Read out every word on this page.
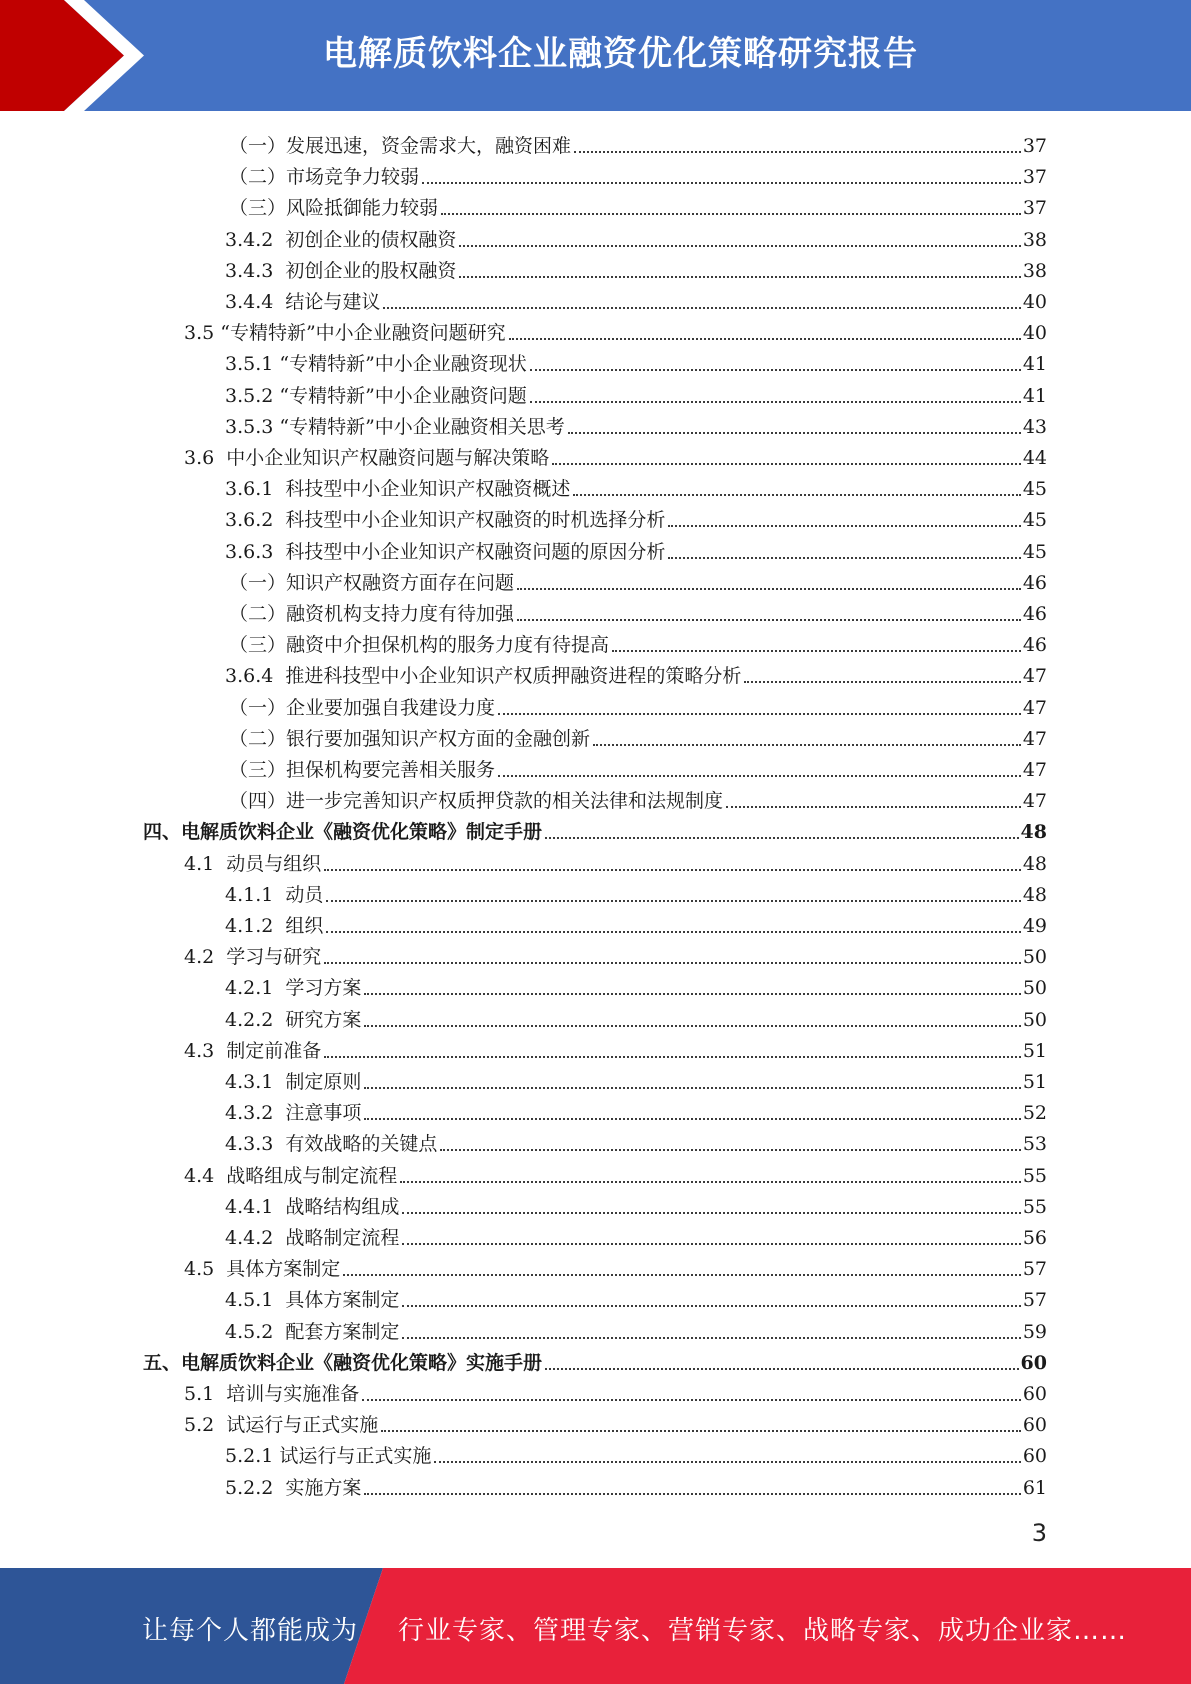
电解质饮料企业融资优化策略研究报告
（一）发展迅速，资金需求大，融资困难	37
（二）市场竞争力较弱	37
（三）风险抵御能力较弱	37
3.4.2  初创企业的债权融资	38
3.4.3  初创企业的股权融资	38
3.4.4  结论与建议	40
3.5 “专精特新”中小企业融资问题研究	40
3.5.1 “专精特新”中小企业融资现状	41
3.5.2 “专精特新”中小企业融资问题	41
3.5.3 “专精特新”中小企业融资相关思考	43
3.6  中小企业知识产权融资问题与解决策略	44
3.6.1  科技型中小企业知识产权融资概述	45
3.6.2  科技型中小企业知识产权融资的时机选择分析	45
3.6.3  科技型中小企业知识产权融资问题的原因分析	45
（一）知识产权融资方面存在问题	46
（二）融资机构支持力度有待加强	46
（三）融资中介担保机构的服务力度有待提高	46
3.6.4  推进科技型中小企业知识产权质押融资进程的策略分析	47
（一）企业要加强自我建设力度	47
（二）银行要加强知识产权方面的金融创新	47
（三）担保机构要完善相关服务	47
（四）进一步完善知识产权质押贷款的相关法律和法规制度	47
四、电解质饮料企业《融资优化策略》制定手册	48
4.1  动员与组织	48
4.1.1  动员	48
4.1.2  组织	49
4.2  学习与研究	50
4.2.1  学习方案	50
4.2.2  研究方案	50
4.3  制定前准备	51
4.3.1  制定原则	51
4.3.2  注意事项	52
4.3.3  有效战略的关键点	53
4.4  战略组成与制定流程	55
4.4.1  战略结构组成	55
4.4.2  战略制定流程	56
4.5  具体方案制定	57
4.5.1  具体方案制定	57
4.5.2  配套方案制定	59
五、电解质饮料企业《融资优化策略》实施手册	60
5.1  培训与实施准备	60
5.2  试运行与正式实施	60
5.2.1 试运行与正式实施	60
5.2.2  实施方案	61
3
让每个人都能成为 行业专家、管理专家、营销专家、战略专家、成功企业家……
